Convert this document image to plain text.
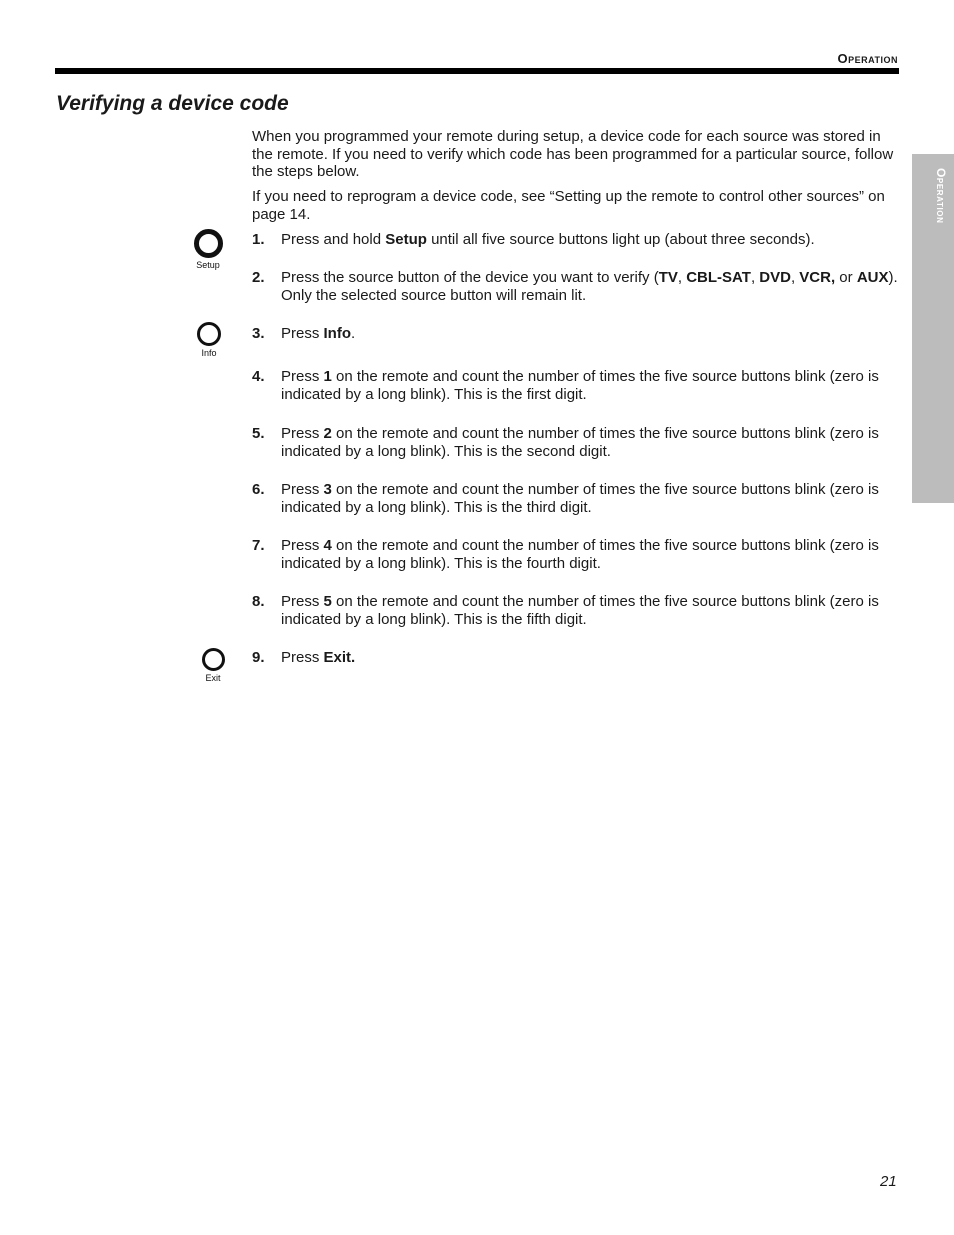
Operation
Verifying a device code
Operation

When you programmed your remote during setup, a device code for each source was stored in the remote. If you need to verify which code has been programmed for a particular source, follow the steps below.

If you need to reprogram a device code, see “Setting up the remote to control other sources” on page 14.

Setup
Info
Exit
1. Press and hold Setup until all five source buttons light up (about three seconds).
2. Press the source button of the device you want to verify (TV, CBL-SAT, DVD, VCR, or AUX). Only the selected source button will remain lit.
3. Press Info.
4. Press 1 on the remote and count the number of times the five source buttons blink (zero is indicated by a long blink). This is the first digit.
5. Press 2 on the remote and count the number of times the five source buttons blink (zero is indicated by a long blink). This is the second digit.
6. Press 3 on the remote and count the number of times the five source buttons blink (zero is indicated by a long blink). This is the third digit.
7. Press 4 on the remote and count the number of times the five source buttons blink (zero is indicated by a long blink). This is the fourth digit.
8. Press 5 on the remote and count the number of times the five source buttons blink (zero is indicated by a long blink). This is the fifth digit.
9. Press Exit.
21
